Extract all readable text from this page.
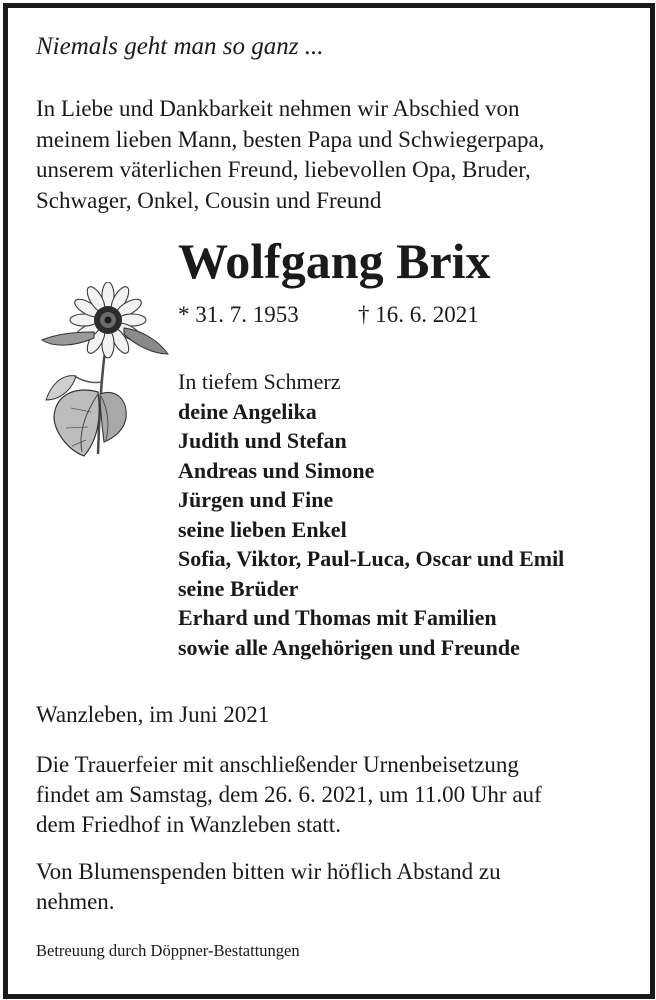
Niemals geht man so ganz ...
In Liebe und Dankbarkeit nehmen wir Abschied von
meinem lieben Mann, besten Papa und Schwiegerpapa,
unserem väterlichen Freund, liebevollen Opa, Bruder,
Schwager, Onkel, Cousin und Freund
Wolfgang Brix
* 31. 7. 1953	† 16. 6. 2021
In tiefem Schmerz
deine Angelika
Judith und Stefan
Andreas und Simone
Jürgen und Fine
seine lieben Enkel
Sofia, Viktor, Paul-Luca, Oscar und Emil
seine Brüder
Erhard und Thomas mit Familien
sowie alle Angehörigen und Freunde
Wanzleben, im Juni 2021
Die Trauerfeier mit anschließender Urnenbeisetzung
findet am Samstag, dem 26. 6. 2021, um 11.00 Uhr auf
dem Friedhof in Wanzleben statt.
Von Blumenspenden bitten wir höflich Abstand zu
nehmen.
Betreuung durch Döppner-Bestattungen
